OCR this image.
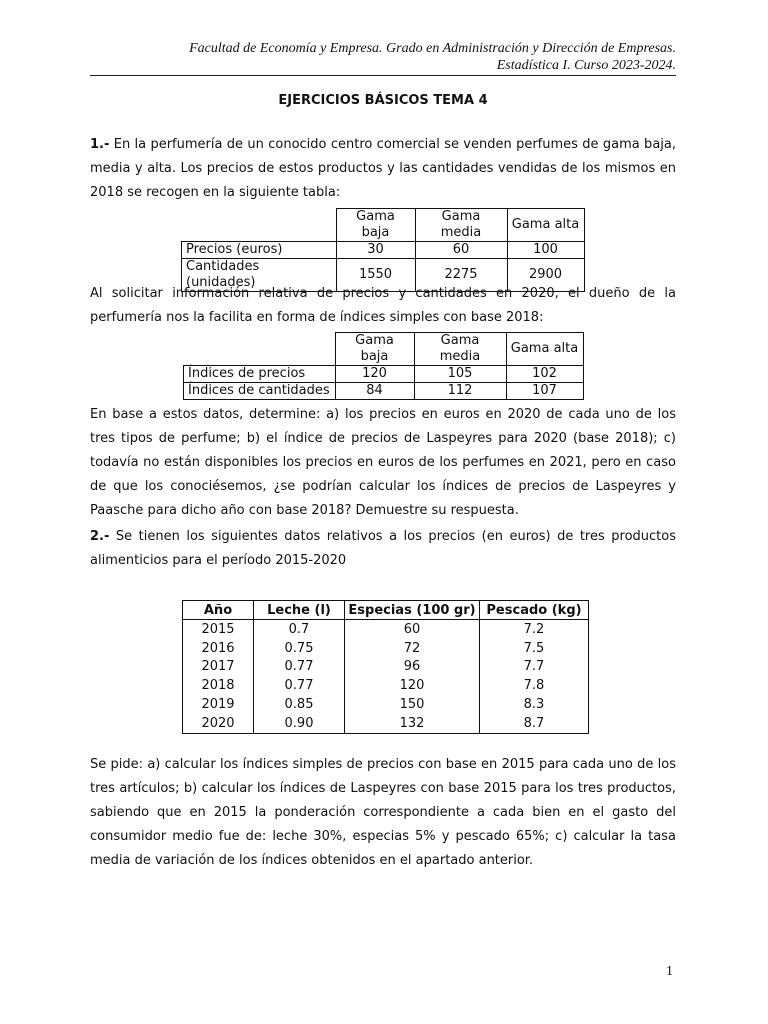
Facultad de Economía y Empresa. Grado en Administración y Dirección de Empresas.
Estadística I. Curso 2023-2024.
EJERCICIOS BÁSICOS TEMA 4
1.- En la perfumería de un conocido centro comercial se venden perfumes de gama baja, media y alta. Los precios de estos productos y las cantidades vendidas de los mismos en 2018 se recogen en la siguiente tabla:
	Gama baja	Gama media	Gama alta
Precios (euros)	30	60	100
Cantidades (unidades)	1550	2275	2900
Al solicitar información relativa de precios y cantidades en 2020, el dueño de la perfumería nos la facilita en forma de índices simples con base 2018:
	Gama baja	Gama media	Gama alta
Índices de precios	120	105	102
Índices de cantidades	84	112	107
En base a estos datos, determine: a) los precios en euros en 2020 de cada uno de los tres tipos de perfume; b) el índice de precios de Laspeyres para 2020 (base 2018); c) todavía no están disponibles los precios en euros de los perfumes en 2021, pero en caso de que los conociésemos, ¿se podrían calcular los índices de precios de Laspeyres y Paasche para dicho año con base 2018? Demuestre su respuesta.
2.- Se tienen los siguientes datos relativos a los precios (en euros) de tres productos alimenticios para el período 2015-2020
Año	Leche (l)	Especias (100 gr)	Pescado (kg)
2015	0.7	60	7.2
2016	0.75	72	7.5
2017	0.77	96	7.7
2018	0.77	120	7.8
2019	0.85	150	8.3
2020	0.90	132	8.7
Se pide: a) calcular los índices simples de precios con base en 2015 para cada uno de los tres artículos; b) calcular los índices de Laspeyres con base 2015 para los tres productos, sabiendo que en 2015 la ponderación correspondiente a cada bien en el gasto del consumidor medio fue de: leche 30%, especias 5% y pescado 65%; c) calcular la tasa media de variación de los índices obtenidos en el apartado anterior.
1
